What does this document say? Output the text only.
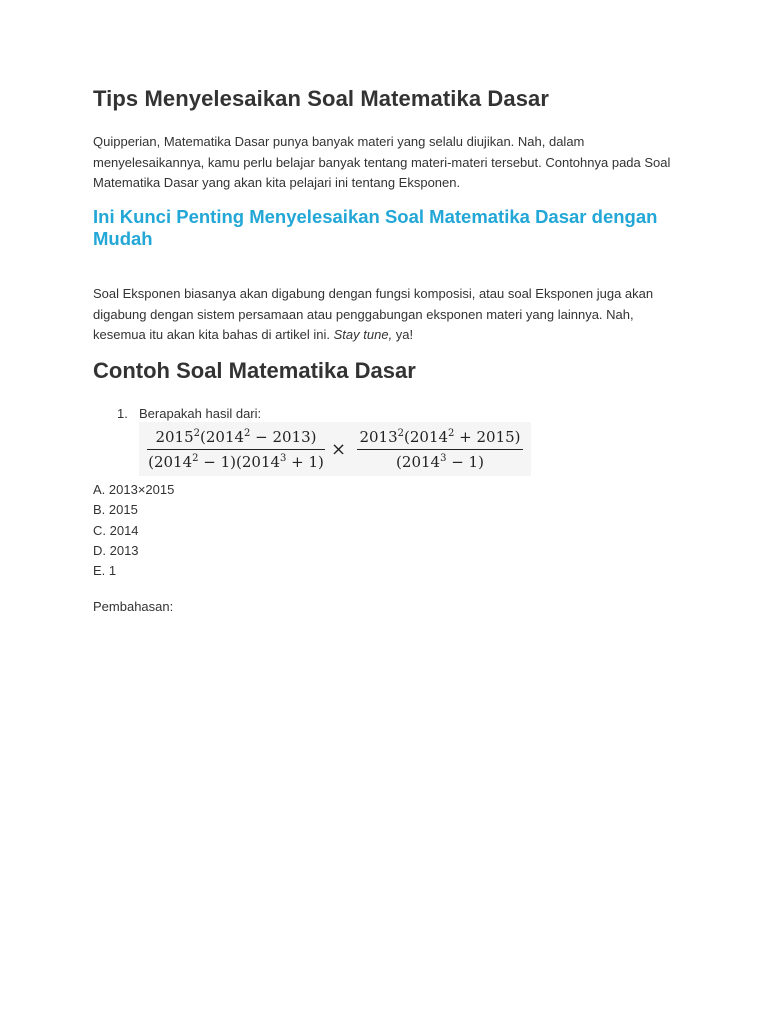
Tips Menyelesaikan Soal Matematika Dasar

Quipperian, Matematika Dasar punya banyak materi yang selalu diujikan. Nah, dalam menyelesaikannya, kamu perlu belajar banyak tentang materi-materi tersebut. Contohnya pada Soal Matematika Dasar yang akan kita pelajari ini tentang Eksponen.

Ini Kunci Penting Menyelesaikan Soal Matematika Dasar dengan Mudah

Soal Eksponen biasanya akan digabung dengan fungsi komposisi, atau soal Eksponen juga akan digabung dengan sistem persamaan atau penggabungan eksponen materi yang lainnya. Nah, kesemua itu akan kita bahas di artikel ini. Stay tune, ya!

Contoh Soal Matematika Dasar
1. Berapakah hasil dari:
$2015^2(2014^2 - 2013)$
$(2014^2 - 1)(2014^3 + 1)$
×
$2013^2(2014^2 + 2015)$
$(2014^3 - 1)$
A. 2013×2015
B. 2015
C. 2014
D. 2013
E. 1

Pembahasan:
